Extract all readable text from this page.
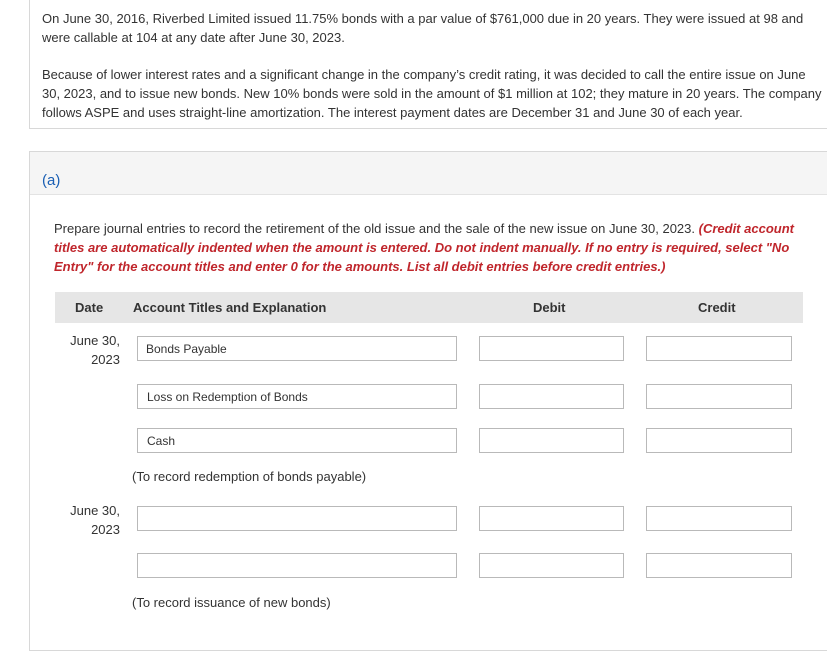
On June 30, 2016, Riverbed Limited issued 11.75% bonds with a par value of $761,000 due in 20 years. They were issued at 98 and were callable at 104 at any date after June 30, 2023.
Because of lower interest rates and a significant change in the company’s credit rating, it was decided to call the entire issue on June 30, 2023, and to issue new bonds. New 10% bonds were sold in the amount of $1 million at 102; they mature in 20 years. The company follows ASPE and uses straight-line amortization. The interest payment dates are December 31 and June 30 of each year.
(a)
Prepare journal entries to record the retirement of the old issue and the sale of the new issue on June 30, 2023. (Credit account titles are automatically indented when the amount is entered. Do not indent manually. If no entry is required, select "No Entry" for the account titles and enter 0 for the amounts. List all debit entries before credit entries.)
Date Account Titles and Explanation	Debit	Credit
June 30,
2023
Bonds Payable
Loss on Redemption of Bonds
Cash
(To record redemption of bonds payable)
June 30,
2023
(To record issuance of new bonds)
